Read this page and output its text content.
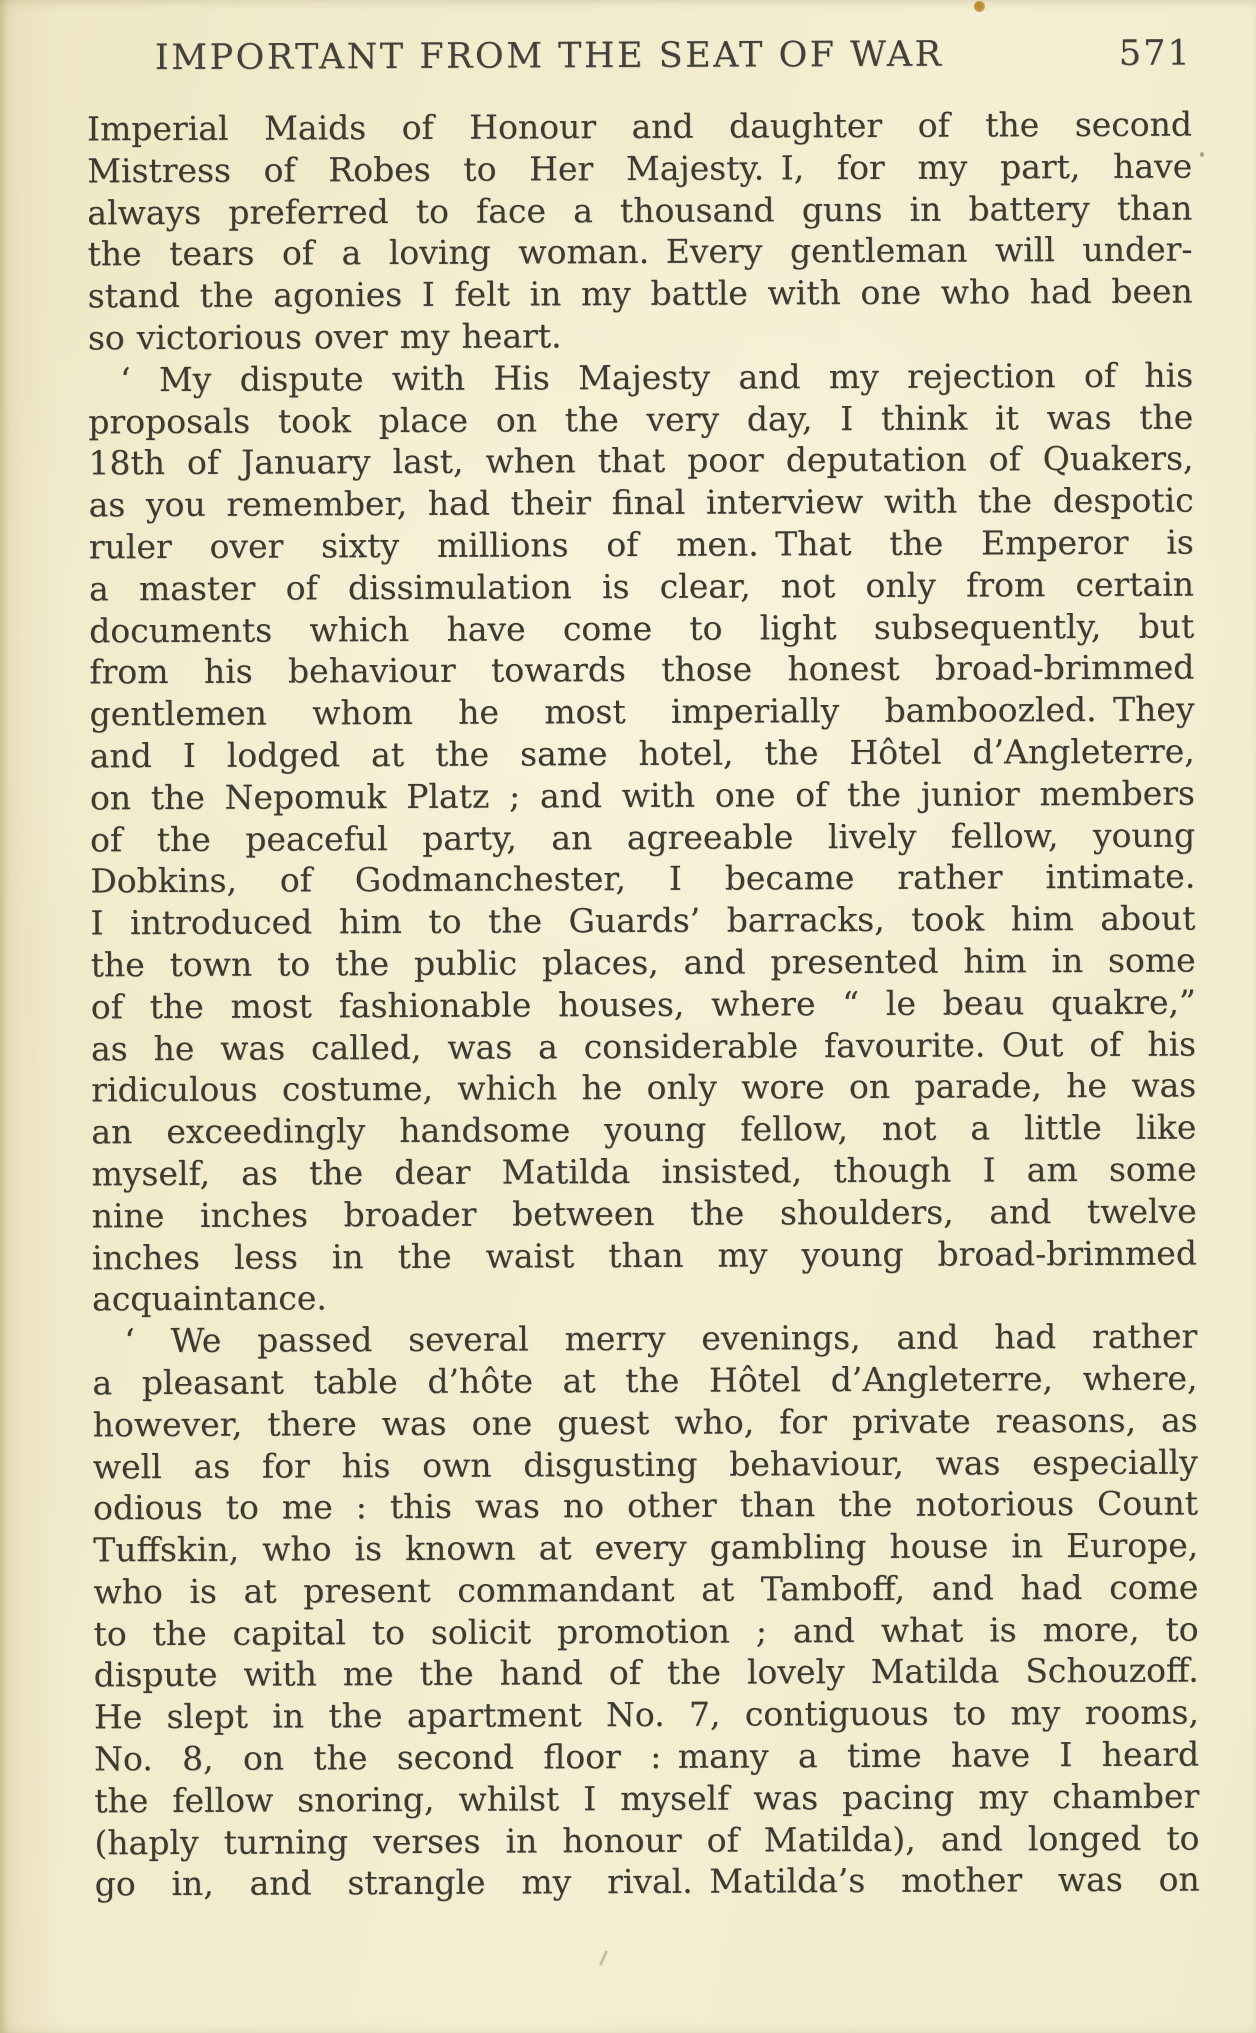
IMPORTANT FROM THE SEAT OF WAR	571
Imperial Maids of Honour and daughter of the second
Mistress of Robes to Her Majesty. I, for my part, have
always preferred to face a thousand guns in battery than
the tears of a loving woman. Every gentleman will under-
stand the agonies I felt in my battle with one who had been
so victorious over my heart.
‘ My dispute with His Majesty and my rejection of his
proposals took place on the very day, I think it was the
18th of January last, when that poor deputation of Quakers,
as you remember, had their final interview with the despotic
ruler over sixty millions of men. That the Emperor is
a master of dissimulation is clear, not only from certain
documents which have come to light subsequently, but
from his behaviour towards those honest broad-brimmed
gentlemen whom he most imperially bamboozled. They
and I lodged at the same hotel, the Hôtel d’Angleterre,
on the Nepomuk Platz ; and with one of the junior members
of the peaceful party, an agreeable lively fellow, young
Dobkins, of Godmanchester, I became rather intimate.
I introduced him to the Guards’ barracks, took him about
the town to the public places, and presented him in some
of the most fashionable houses, where “ le beau quakre,”
as he was called, was a considerable favourite. Out of his
ridiculous costume, which he only wore on parade, he was
an exceedingly handsome young fellow, not a little like
myself, as the dear Matilda insisted, though I am some
nine inches broader between the shoulders, and twelve
inches less in the waist than my young broad-brimmed
acquaintance.
‘ We passed several merry evenings, and had rather
a pleasant table d’hôte at the Hôtel d’Angleterre, where,
however, there was one guest who, for private reasons, as
well as for his own disgusting behaviour, was especially
odious to me : this was no other than the notorious Count
Tuffskin, who is known at every gambling house in Europe,
who is at present commandant at Tamboff, and had come
to the capital to solicit promotion ; and what is more, to
dispute with me the hand of the lovely Matilda Schouzoff.
He slept in the apartment No. 7, contiguous to my rooms,
No. 8, on the second floor : many a time have I heard
the fellow snoring, whilst I myself was pacing my chamber
(haply turning verses in honour of Matilda), and longed to
go in, and strangle my rival. Matilda’s mother was on
